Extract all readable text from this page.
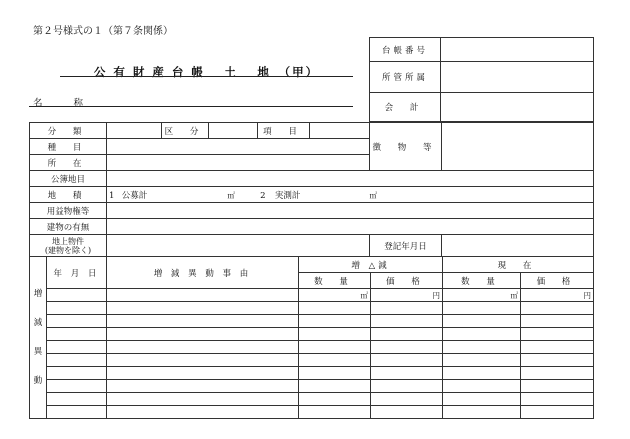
第２号様式の１（第７条関係）
公 有 財 産 台 帳　 土　 地　（甲）
名 称
台帳番号	
所管所属	
会 計	
分 類		区 分		項 目		徴 物 等	
種 目							
所 在							
公簿地目							
地 積	1 公募計 ㎡ 2 実測計 ㎡						
用益物権等							
建物の有無							

地上物件
(建物を除く)						登記年月日	
増
減
異
動	年 月 日	増 減 異 動 事 由	増 △減		現 在	
			数 量	価 格	数 量	価 格
			㎡	円	㎡	円
